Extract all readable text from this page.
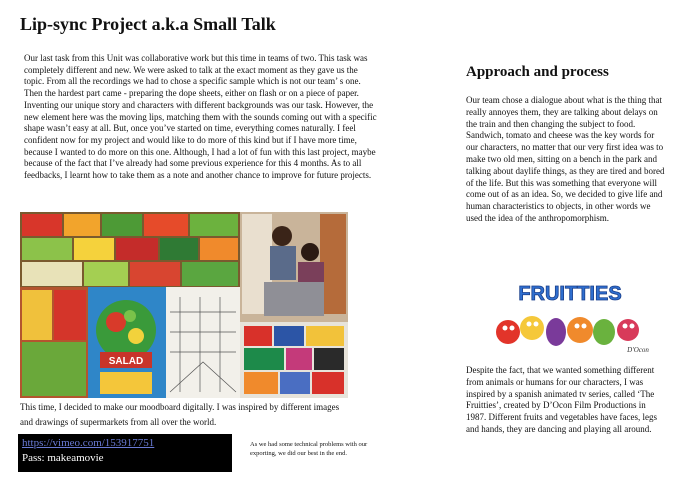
Lip-sync Project a.k.a Small Talk

Our last task from this Unit was collaborative work but this time in teams of two. This task was completely different and new. We were asked to talk at the exact moment as they gave us the topic. From all the recordings we had to chose a specific sample which is not our team’ s one. Then the hardest part came - preparing the dope sheets, either on flash or on a piece of paper. Inventing our unique story and characters with different backgrounds was our task. However, the new element here was the moving lips, matching them with the sounds coming out with a specific shape wasn’t easy at all. But, once you’ve started on time, everything comes naturally. I feel confident now for my project and would like to do more of this kind but if I have more time, because I wanted to do more on this one. Although, I had a lot of fun with this last project, maybe because of the fact that I’ve already had some previous experience for this 4 months. As to all feedbacks, I learnt how to take them as a note and another chance to improve for future projects.

SALAD

This time, I decided to make our moodboard digitally. I was inspired by different images and drawings of supermarkets from all over the world.

https://vimeo.com/153917751
Pass: makeamovie

As we had some technical problems with our exporting, we did our best in the end.

Approach and process

Our team chose a dialogue about what is the thing that really annoyes them, they are talking about delays on the train and then changing the subject to food. Sandwich, tomato and cheese was the key words for our characters, no matter that our very first idea was to make two old men, sitting on a bench in the park and talking about daylife things, as they are tired and bored of the life. But this was something that everyone will come out of as an idea. So, we decided to give life and human characteristics to objects, in other words we used the idea of the anthropomorphism.

FRUITTIES
D'Ocon

Despite the fact, that we wanted something different from animals or humans for our characters, I was inspired by a spanish animated tv series, called ‘The Fruitties’, created by D’Ocon Film Productions in 1987. Different fruits and vegetables have faces, legs and hands, they are dancing and playing all around.
